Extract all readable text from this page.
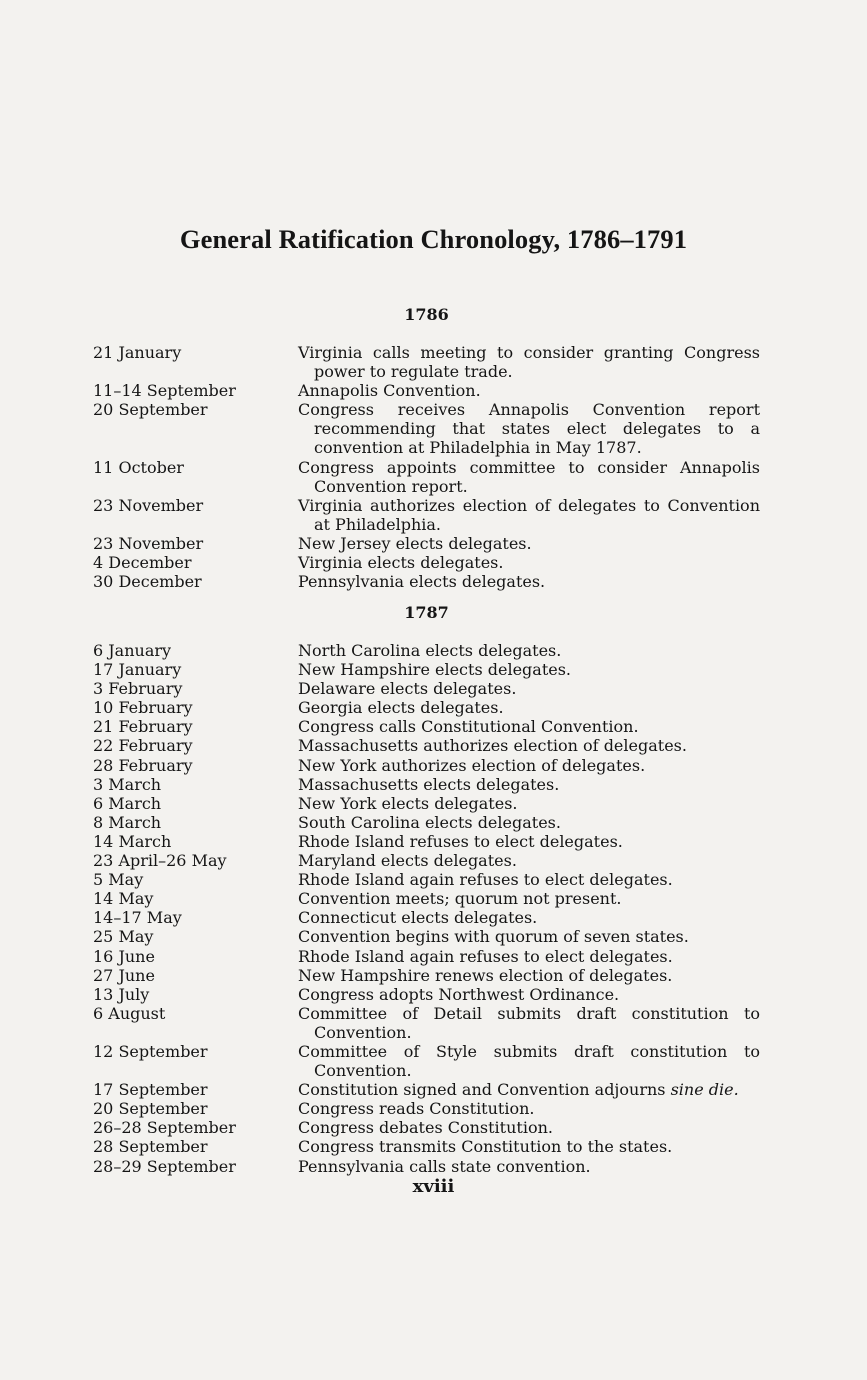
General Ratification Chronology, 1786–1791
1786
21 January	Virginia calls meeting to consider granting Congress power to regulate trade.
11–14 September	Annapolis Convention.
20 September	Congress receives Annapolis Convention report recommending that states elect delegates to a convention at Philadelphia in May 1787.
11 October	Congress appoints committee to consider Annapolis Convention report.
23 November	Virginia authorizes election of delegates to Convention at Philadelphia.
23 November	New Jersey elects delegates.
4 December	Virginia elects delegates.
30 December	Pennsylvania elects delegates.
1787
6 January	North Carolina elects delegates.
17 January	New Hampshire elects delegates.
3 February	Delaware elects delegates.
10 February	Georgia elects delegates.
21 February	Congress calls Constitutional Convention.
22 February	Massachusetts authorizes election of delegates.
28 February	New York authorizes election of delegates.
3 March	Massachusetts elects delegates.
6 March	New York elects delegates.
8 March	South Carolina elects delegates.
14 March	Rhode Island refuses to elect delegates.
23 April–26 May	Maryland elects delegates.
5 May	Rhode Island again refuses to elect delegates.
14 May	Convention meets; quorum not present.
14–17 May	Connecticut elects delegates.
25 May	Convention begins with quorum of seven states.
16 June	Rhode Island again refuses to elect delegates.
27 June	New Hampshire renews election of delegates.
13 July	Congress adopts Northwest Ordinance.
6 August	Committee of Detail submits draft constitution to Convention.
12 September	Committee of Style submits draft constitution to Convention.
17 September	Constitution signed and Convention adjourns sine die.
20 September	Congress reads Constitution.
26–28 September	Congress debates Constitution.
28 September	Congress transmits Constitution to the states.
28–29 September	Pennsylvania calls state convention.
xviii
